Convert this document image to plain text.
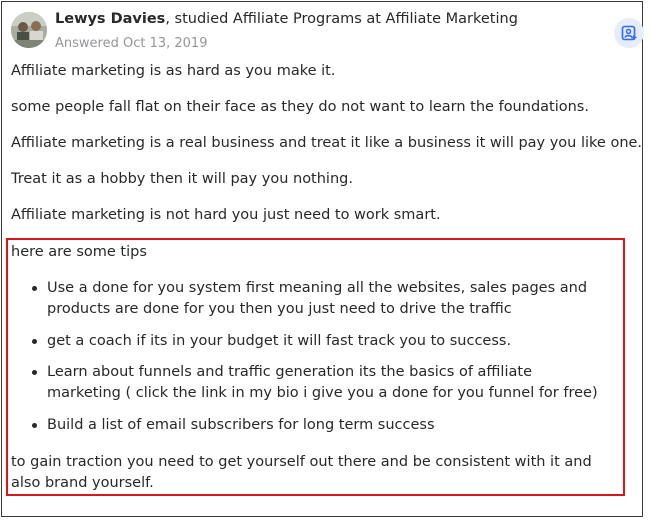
Lewys Davies, studied Affiliate Programs at Affiliate Marketing
Answered Oct 13, 2019
Affiliate marketing is as hard as you make it.
some people fall flat on their face as they do not want to learn the foundations.
Affiliate marketing is a real business and treat it like a business it will pay you like one.
Treat it as a hobby then it will pay you nothing.
Affiliate marketing is not hard you just need to work smart.
here are some tips
Use a done for you system first meaning all the websites, sales pages and products are done for you then you just need to drive the traffic
get a coach if its in your budget it will fast track you to success.
Learn about funnels and traffic generation its the basics of affiliate marketing ( click the link in my bio i give you a done for you funnel for free)
Build a list of email subscribers for long term success
to gain traction you need to get yourself out there and be consistent with it and also brand yourself.
